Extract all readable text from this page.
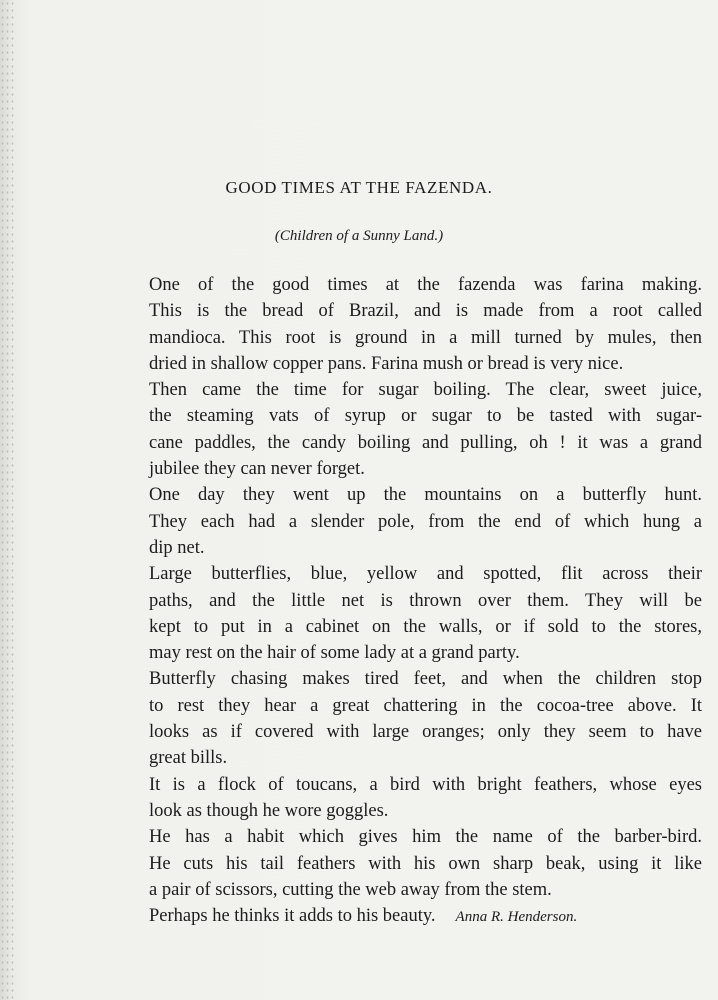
GOOD TIMES AT THE FAZENDA.
(Children of a Sunny Land.)
One of the good times at the fazenda was farina making.
This is the bread of Brazil, and is made from a root called
mandioca. This root is ground in a mill turned by mules, then
dried in shallow copper pans. Farina mush or bread is very nice.
Then came the time for sugar boiling. The clear, sweet juice,
the steaming vats of syrup or sugar to be tasted with sugar-
cane paddles, the candy boiling and pulling, oh ! it was a grand
jubilee they can never forget.
One day they went up the mountains on a butterfly hunt.
They each had a slender pole, from the end of which hung a
dip net.
Large butterflies, blue, yellow and spotted, flit across their
paths, and the little net is thrown over them. They will be
kept to put in a cabinet on the walls, or if sold to the stores,
may rest on the hair of some lady at a grand party.
Butterfly chasing makes tired feet, and when the children stop
to rest they hear a great chattering in the cocoa-tree above. It
looks as if covered with large oranges; only they seem to have
great bills.
It is a flock of toucans, a bird with bright feathers, whose eyes
look as though he wore goggles.
He has a habit which gives him the name of the barber-bird.
He cuts his tail feathers with his own sharp beak, using it like
a pair of scissors, cutting the web away from the stem.
Perhaps he thinks it adds to his beauty. Anna R. Henderson.
